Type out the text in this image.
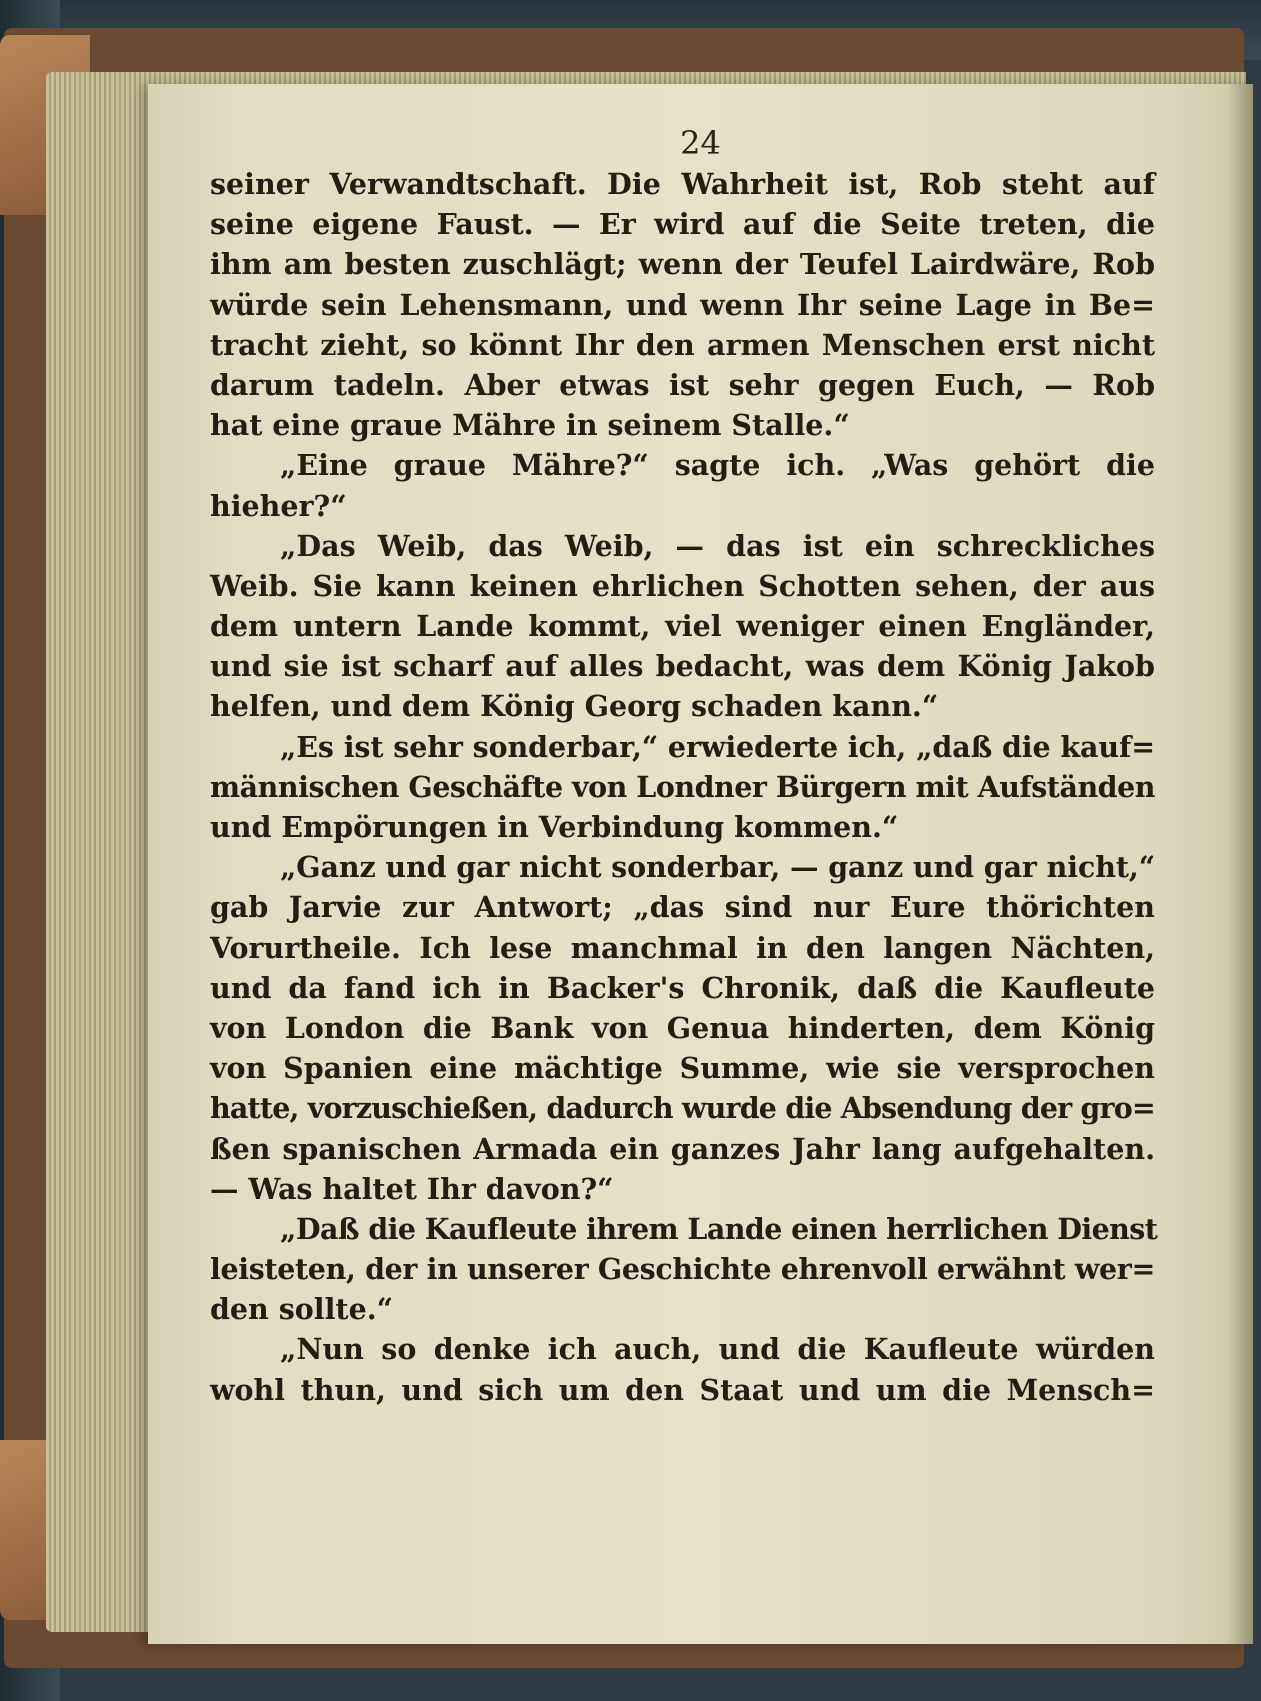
24
seiner Verwandtschaft. Die Wahrheit ist, Rob steht auf
seine eigene Faust. — Er wird auf die Seite treten, die
ihm am besten zuschlägt; wenn der Teufel Lairdwäre, Rob
würde sein Lehensmann, und wenn Ihr seine Lage in Be=
tracht zieht, so könnt Ihr den armen Menschen erst nicht
darum tadeln. Aber etwas ist sehr gegen Euch, — Rob
hat eine graue Mähre in seinem Stalle.“
„Eine graue Mähre?“ sagte ich. „Was gehört die
hieher?“
„Das Weib, das Weib, — das ist ein schreckliches
Weib. Sie kann keinen ehrlichen Schotten sehen, der aus
dem untern Lande kommt, viel weniger einen Engländer,
und sie ist scharf auf alles bedacht, was dem König Jakob
helfen, und dem König Georg schaden kann.“
„Es ist sehr sonderbar,“ erwiederte ich, „daß die kauf=
männischen Geschäfte von Londner Bürgern mit Aufständen
und Empörungen in Verbindung kommen.“
„Ganz und gar nicht sonderbar, — ganz und gar nicht,“
gab Jarvie zur Antwort; „das sind nur Eure thörichten
Vorurtheile. Ich lese manchmal in den langen Nächten,
und da fand ich in Backer's Chronik, daß die Kaufleute
von London die Bank von Genua hinderten, dem König
von Spanien eine mächtige Summe, wie sie versprochen
hatte, vorzuschießen, dadurch wurde die Absendung der gro=
ßen spanischen Armada ein ganzes Jahr lang aufgehalten.
— Was haltet Ihr davon?“
„Daß die Kaufleute ihrem Lande einen herrlichen Dienst
leisteten, der in unserer Geschichte ehrenvoll erwähnt wer=
den sollte.“
„Nun so denke ich auch, und die Kaufleute würden
wohl thun, und sich um den Staat und um die Mensch=
